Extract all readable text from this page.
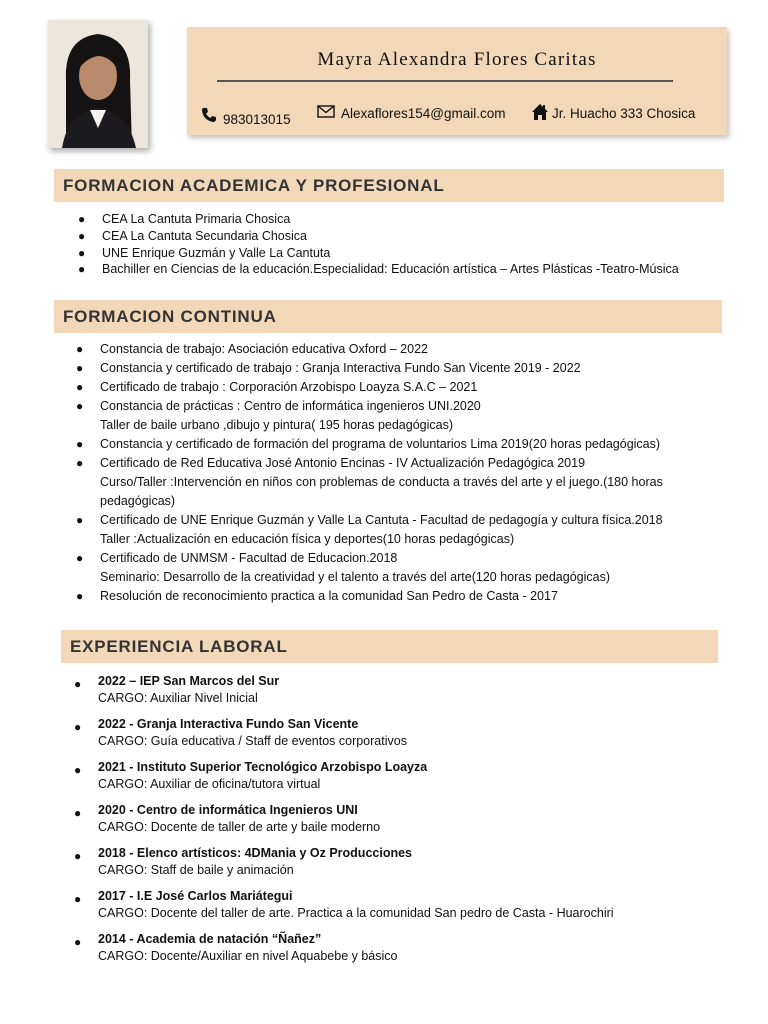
Mayra Alexandra Flores Caritas
983013015	Alexaflores154@gmail.com	Jr. Huacho 333 Chosica
FORMACION ACADEMICA Y PROFESIONAL
● CEA La Cantuta Primaria Chosica
● CEA La Cantuta Secundaria Chosica
● UNE Enrique Guzmán y Valle La Cantuta
● Bachiller en Ciencias de la educación.Especialidad: Educación artística – Artes Plásticas -Teatro-Música
FORMACION CONTINUA
● Constancia de trabajo: Asociación educativa Oxford – 2022
● Constancia y certificado de trabajo : Granja Interactiva Fundo San Vicente 2019 - 2022
● Certificado de trabajo : Corporación Arzobispo Loayza S.A.C – 2021
● Constancia de prácticas : Centro de informática ingenieros UNI.2020
Taller de baile urbano ,dibujo y pintura( 195 horas pedagógicas)
● Constancia y certificado de formación del programa de voluntarios Lima 2019(20 horas pedagógicas)
● Certificado de Red Educativa José Antonio Encinas - IV Actualización Pedagógica 2019
Curso/Taller :Intervención en niños con problemas de conducta a través del arte y el juego.(180 horas pedagógicas)
● Certificado de UNE Enrique Guzmán y Valle La Cantuta - Facultad de pedagogía y cultura física.2018
Taller :Actualización en educación física y deportes(10 horas pedagógicas)
● Certificado de UNMSM - Facultad de Educacion.2018
Seminario: Desarrollo de la creatividad y el talento a través del arte(120 horas pedagógicas)
● Resolución de reconocimiento practica a la comunidad San Pedro de Casta - 2017
EXPERIENCIA LABORAL
● 2022 – IEP San Marcos del Sur
CARGO: Auxiliar Nivel Inicial
● 2022 - Granja Interactiva Fundo San Vicente
CARGO: Guía educativa / Staff de eventos corporativos
● 2021 - Instituto Superior Tecnológico Arzobispo Loayza
CARGO: Auxiliar de oficina/tutora virtual
● 2020 - Centro de informática Ingenieros UNI
CARGO: Docente de taller de arte y baile moderno
● 2018 - Elenco artísticos: 4DMania y Oz Producciones
CARGO: Staff de baile y animación
● 2017 - I.E José Carlos Mariátegui
CARGO: Docente del taller de arte. Practica a la comunidad San pedro de Casta - Huarochiri
● 2014 - Academia de natación “Ñañez”
CARGO: Docente/Auxiliar en nivel Aquabebe y básico
